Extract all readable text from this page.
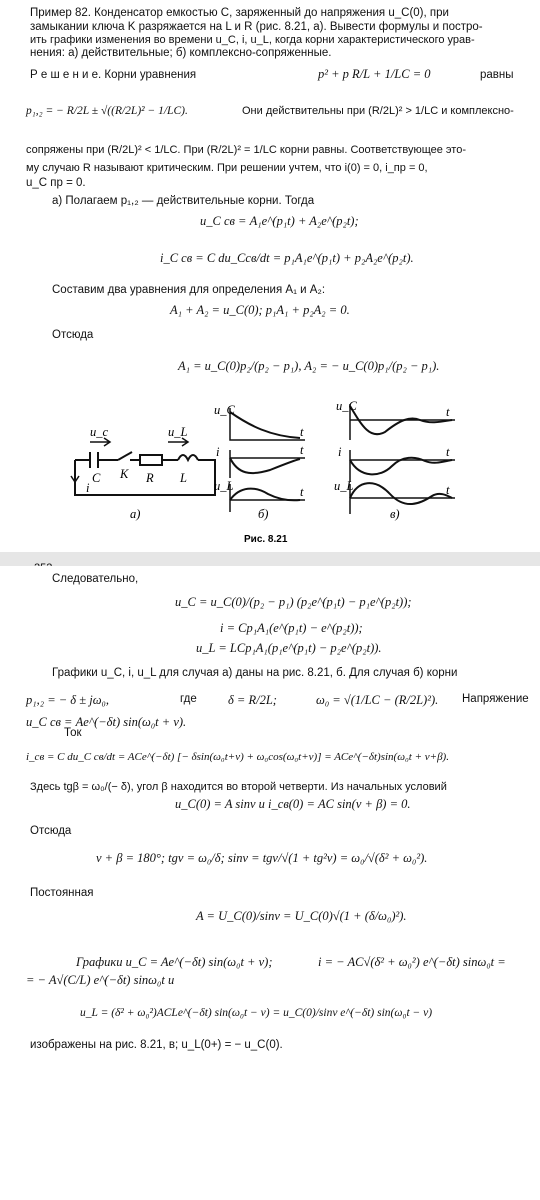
Пример 82. Конденсатор емкостью C, заряженный до напряжения u_C(0), при
замыкании ключа K разряжается на L и R (рис. 8.21, а). Вывести формулы и постро-
ить графики изменения во времени u_C, i, u_L, когда корни характеристического урав-
нения: а) действительные; б) комплексно-сопряженные.
Р е ш е н и е. Корни уравнения	p² + p R/L + 1/LC = 0	равны
p₁,₂ = − R/2L ± √((R/2L)² − 1/LC).	Они действительны при (R/2L)² > 1/LC и комплексно-
сопряжены при (R/2L)² < 1/LC. При (R/2L)² = 1/LC корни равны. Соответствующее это-
му случаю R называют критическим. При решении учтем, что i(0) = 0, i_пр = 0,
u_C пр = 0.
а) Полагаем p₁,₂ — действительные корни. Тогда
u_C св = A₁e^(p₁t) + A₂e^(p₂t);
i_C св = C du_Cсв/dt = p₁A₁e^(p₁t) + p₂A₂e^(p₂t).
Составим два уравнения для определения A₁ и A₂:
A₁ + A₂ = u_C(0); p₁A₁ + p₂A₂ = 0.
Отсюда
A₁ = u_C(0)p₂/(p₂ − p₁), A₂ = − u_C(0)p₁/(p₂ − p₁).
u_c	u_L
i
C K R L
а)
u_C
i
u_L
t
t
t
б)
u_C
i
u_L
t
t
t
в)
Рис. 8.21
Следовательно,
u_C = u_C(0)/(p₂ − p₁) (p₂e^(p₁t) − p₁e^(p₂t));
i = Cp₁A₁(e^(p₁t) − e^(p₂t));
u_L = LCp₁A₁(p₁e^(p₁t) − p₂e^(p₂t)).
Графики u_C, i, u_L для случая а) даны на рис. 8.21, б. Для случая б) корни
p₁,₂ = − δ ± jω₀,	где δ = R/2L;	ω₀ = √(1/LC − (R/2L)²). Напряжение
u_C св = Ae^(−δt) sin(ω₀t + ν).
Ток
i_св = C du_C св/dt = ACe^(−δt) [− δsin(ω₀t+ν) + ω₀cos(ω₀t+ν)] = ACe^(−δt)sin(ω₀t + ν+β).
Здесь tgβ = ω₀/(− δ), угол β находится во второй четверти. Из начальных условий
u_C(0) = A sinν и i_св(0) = AC sin(ν + β) = 0.
Отсюда
ν + β = 180°; tgν = ω₀/δ; sinν = tgν/√(1 + tg²ν) = ω₀/√(δ² + ω₀²).
Постоянная
A = U_C(0)/sinν = U_C(0)√(1 + (δ/ω₀)²).
Графики u_C = Ae^(−δt) sin(ω₀t + ν);	i = − AC√(δ² + ω₀²) e^(−δt) sinω₀t =
= − A√(C/L) e^(−δt) sinω₀t и
u_L = (δ² + ω₀²)ACLe^(−δt) sin(ω₀t − ν) = u_C(0)/sinν e^(−δt) sin(ω₀t − ν)
изображены на рис. 8.21, в; u_L(0+) = − u_C(0).
